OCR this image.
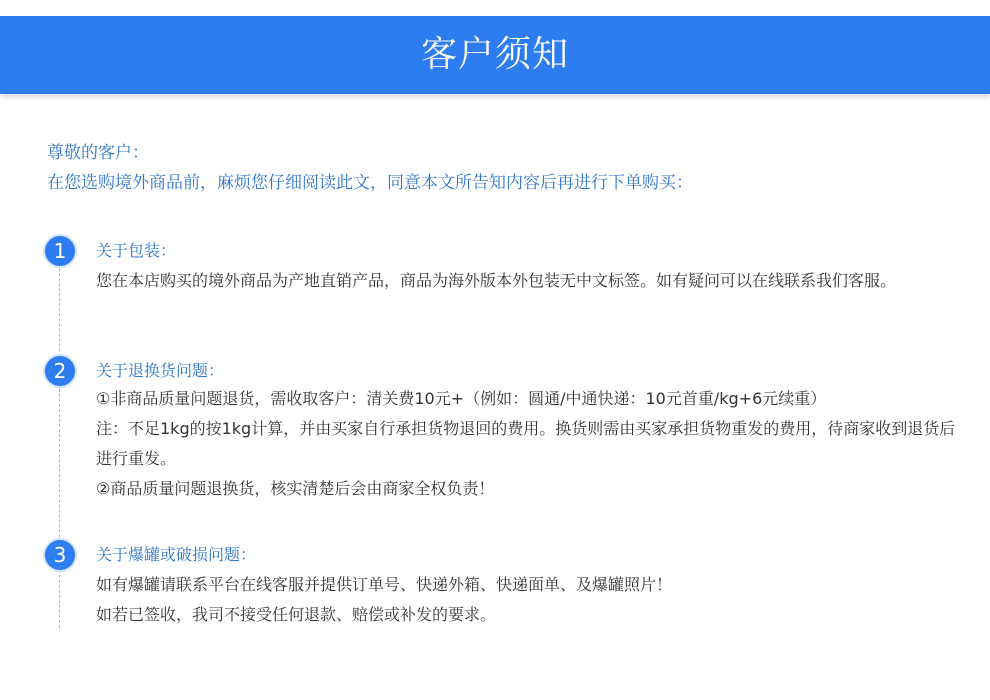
客户须知
尊敬的客户：
在您选购境外商品前，麻烦您仔细阅读此文，同意本文所告知内容后再进行下单购买：
1	关于包装：

您在本店购买的境外商品为产地直销产品，商品为海外版本外包装无中文标签。如有疑问可以在线联系我们客服。

2	关于退换货问题：

①非商品质量问题退货，需收取客户：清关费10元+（例如：圆通/中通快递：10元首重/kg+6元续重）

注：不足1kg的按1kg计算，并由买家自行承担货物退回的费用。换货则需由买家承担货物重发的费用，待商家收到退货后进行重发。

②商品质量问题退换货，核实清楚后会由商家全权负责！

3	关于爆罐或破损问题：

如有爆罐请联系平台在线客服并提供订单号、快递外箱、快递面单、及爆罐照片！

如若已签收，我司不接受任何退款、赔偿或补发的要求。
